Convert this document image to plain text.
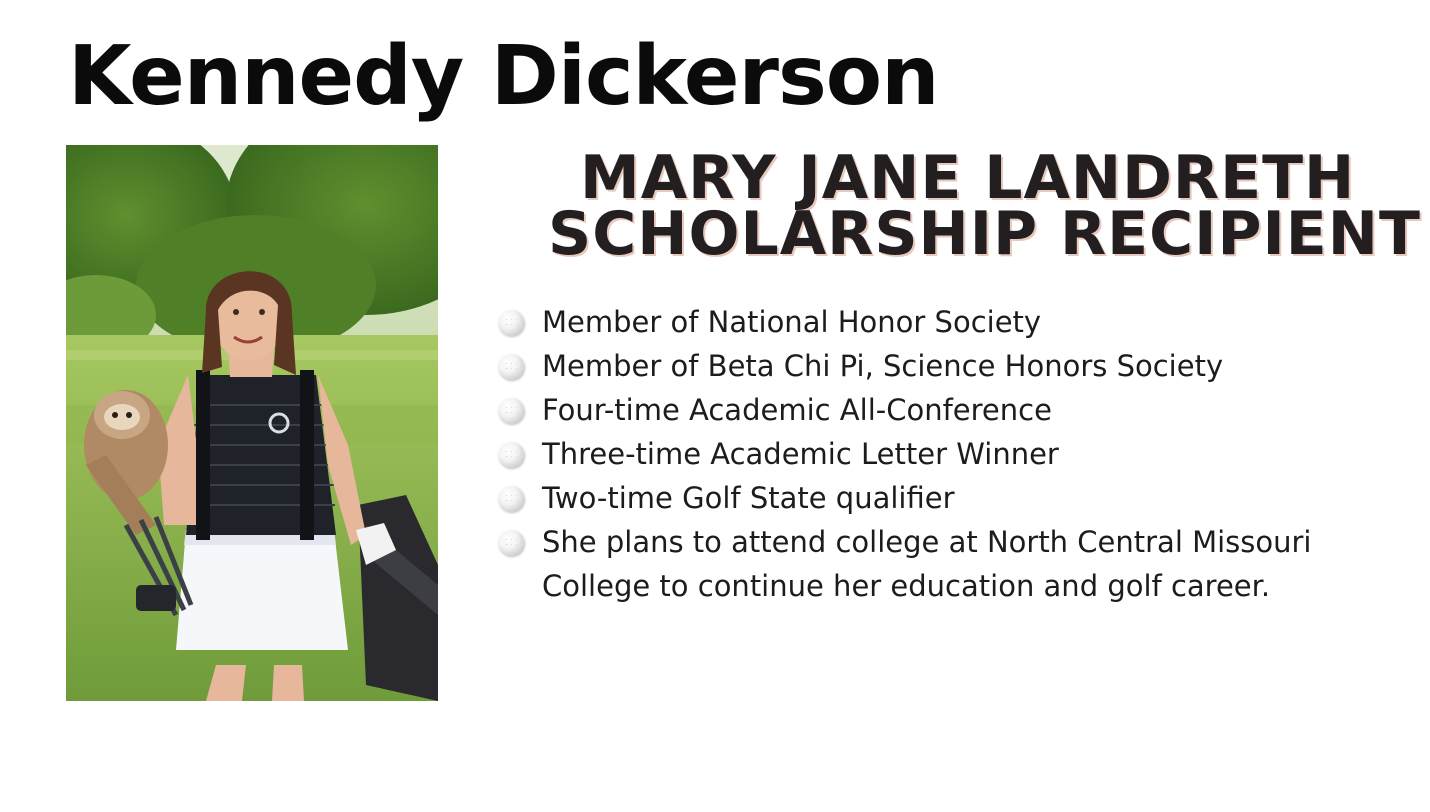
Kennedy Dickerson
MARY JANE LANDRETH
SCHOLARSHIP RECIPIENT
Member of National Honor Society
Member of Beta Chi Pi, Science Honors Society
Four-time Academic All-Conference
Three-time Academic Letter Winner
Two-time Golf State qualifier
She plans to attend college at North Central Missouri College to continue her education and golf career.
